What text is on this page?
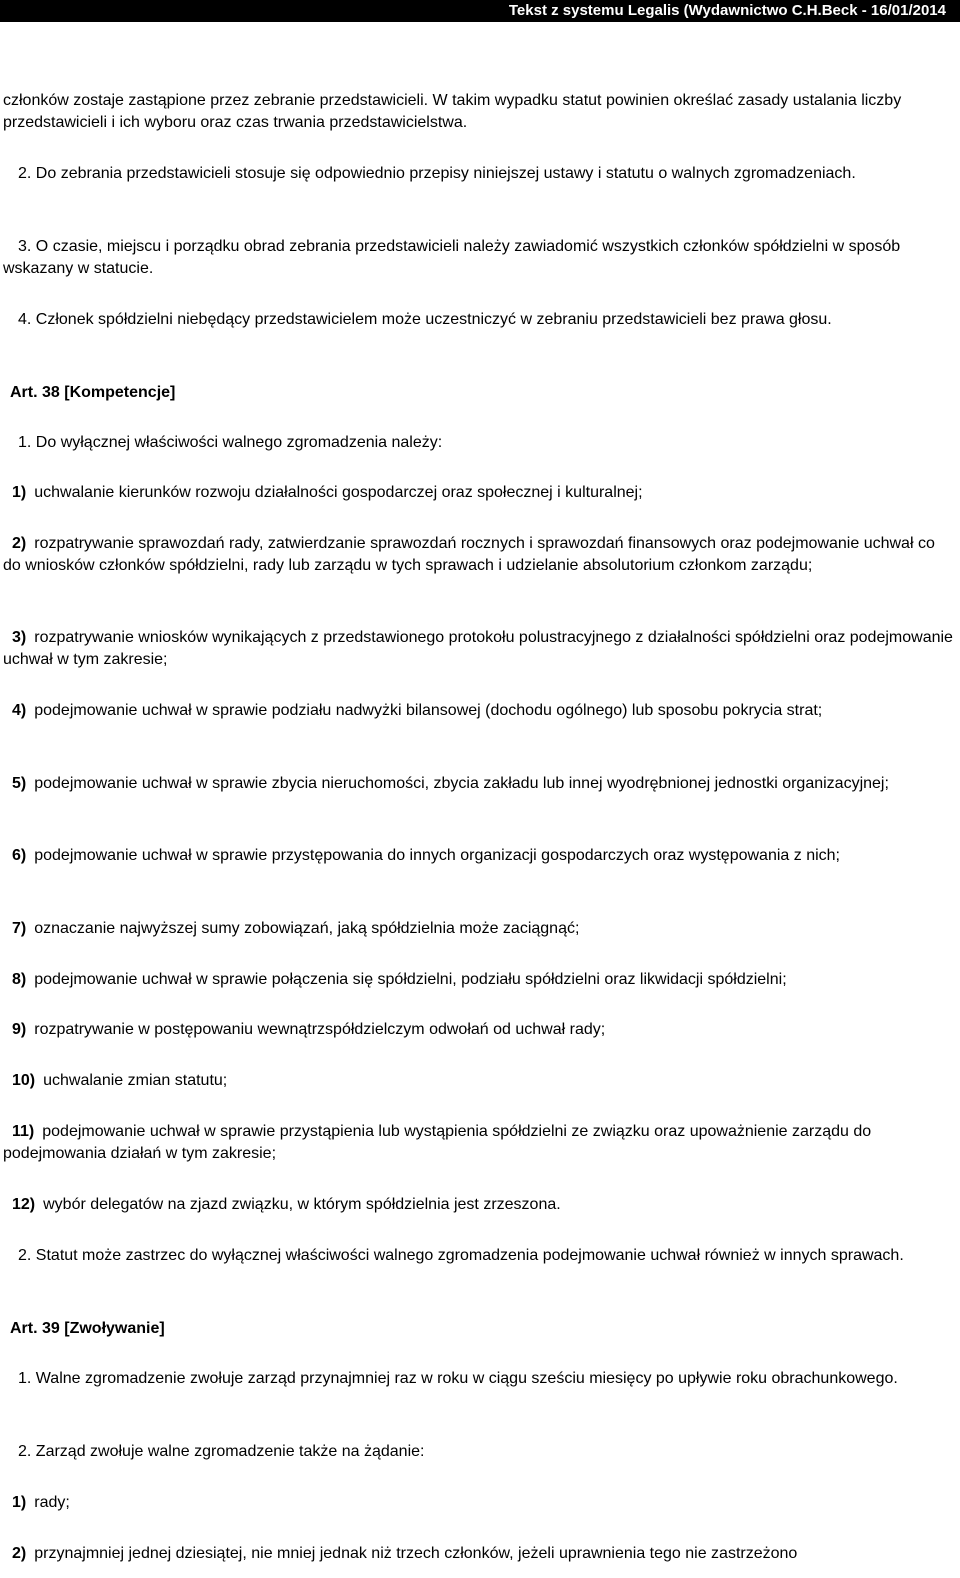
Tekst z systemu Legalis (Wydawnictwo C.H.Beck - 16/01/2014
członków zostaje zastąpione przez zebranie przedstawicieli. W takim wypadku statut powinien określać zasady ustalania liczby przedstawicieli i ich wyboru oraz czas trwania przedstawicielstwa.
2. Do zebrania przedstawicieli stosuje się odpowiednio przepisy niniejszej ustawy i statutu o walnych zgromadzeniach.
3. O czasie, miejscu i porządku obrad zebrania przedstawicieli należy zawiadomić wszystkich członków spółdzielni w sposób wskazany w statucie.
4. Członek spółdzielni niebędący przedstawicielem może uczestniczyć w zebraniu przedstawicieli bez prawa głosu.
Art. 38 [Kompetencje]
1. Do wyłącznej właściwości walnego zgromadzenia należy:
1) uchwalanie kierunków rozwoju działalności gospodarczej oraz społecznej i kulturalnej;
2) rozpatrywanie sprawozdań rady, zatwierdzanie sprawozdań rocznych i sprawozdań finansowych oraz podejmowanie uchwał co do wniosków członków spółdzielni, rady lub zarządu w tych sprawach i udzielanie absolutorium członkom zarządu;
3) rozpatrywanie wniosków wynikających z przedstawionego protokołu polustracyjnego z działalności spółdzielni oraz podejmowanie uchwał w tym zakresie;
4) podejmowanie uchwał w sprawie podziału nadwyżki bilansowej (dochodu ogólnego) lub sposobu pokrycia strat;
5) podejmowanie uchwał w sprawie zbycia nieruchomości, zbycia zakładu lub innej wyodrębnionej jednostki organizacyjnej;
6) podejmowanie uchwał w sprawie przystępowania do innych organizacji gospodarczych oraz występowania z nich;
7) oznaczanie najwyższej sumy zobowiązań, jaką spółdzielnia może zaciągnąć;
8) podejmowanie uchwał w sprawie połączenia się spółdzielni, podziału spółdzielni oraz likwidacji spółdzielni;
9) rozpatrywanie w postępowaniu wewnątrzspółdzielczym odwołań od uchwał rady;
10) uchwalanie zmian statutu;
11) podejmowanie uchwał w sprawie przystąpienia lub wystąpienia spółdzielni ze związku oraz upoważnienie zarządu do podejmowania działań w tym zakresie;
12) wybór delegatów na zjazd związku, w którym spółdzielnia jest zrzeszona.
2. Statut może zastrzec do wyłącznej właściwości walnego zgromadzenia podejmowanie uchwał również w innych sprawach.
Art. 39 [Zwoływanie]
1. Walne zgromadzenie zwołuje zarząd przynajmniej raz w roku w ciągu sześciu miesięcy po upływie roku obrachunkowego.
2. Zarząd zwołuje walne zgromadzenie także na żądanie:
1) rady;
2) przynajmniej jednej dziesiątej, nie mniej jednak niż trzech członków, jeżeli uprawnienia tego nie zastrzeżono
